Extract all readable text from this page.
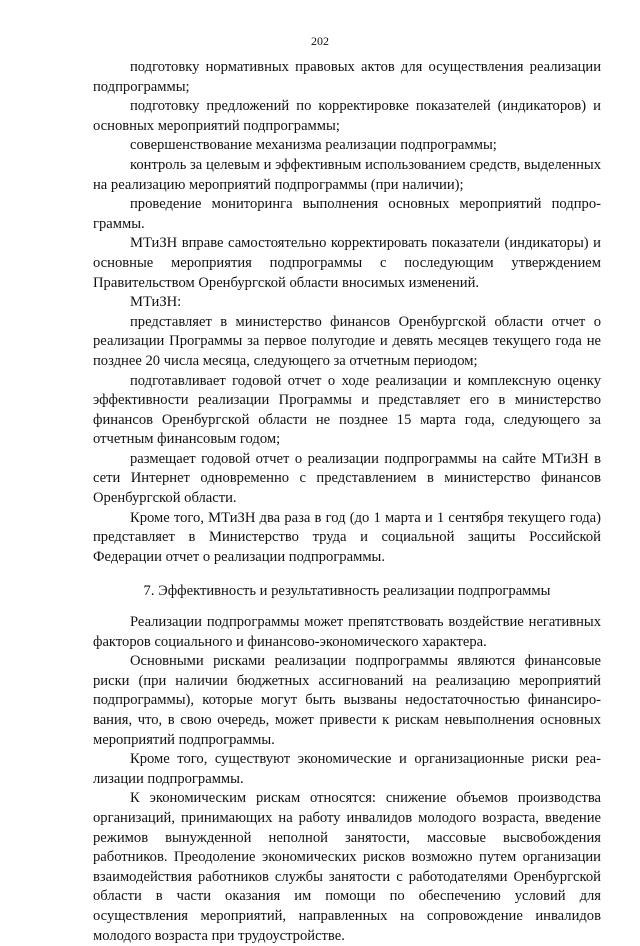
202

подготовку нормативных правовых актов для осуществления реализации подпрограммы;

подготовку предложений по корректировке показателей (индикаторов) и основных мероприятий подпрограммы;

совершенствование механизма реализации подпрограммы;

контроль за целевым и эффективным использованием средств, выделенных на реализацию мероприятий подпрограммы (при наличии);

проведение мониторинга выполнения основных мероприятий подпрограммы.

МТиЗН вправе самостоятельно корректировать показатели (индикаторы) и основные мероприятия подпрограммы с последующим утверждением Правительством Оренбургской области вносимых изменений.

МТиЗН:

представляет в министерство финансов Оренбургской области отчет о реализации Программы за первое полугодие и девять месяцев текущего года не позднее 20 числа месяца, следующего за отчетным периодом;

подготавливает годовой отчет о ходе реализации и комплексную оценку эффективности реализации Программы и представляет его в министерство финансов Оренбургской области не позднее 15 марта года, следующего за отчетным финансовым годом;

размещает годовой отчет о реализации подпрограммы на сайте МТиЗН в сети Интернет одновременно с представлением в министерство финансов Оренбургской области.

Кроме того, МТиЗН два раза в год (до 1 марта и 1 сентября текущего года) представляет в Министерство труда и социальной защиты Российской Федерации отчет о реализации подпрограммы.

7. Эффективность и результативность реализации подпрограммы

Реализации подпрограммы может препятствовать воздействие негативных факторов социального и финансово-экономического характера.

Основными рисками реализации подпрограммы являются финансовые риски (при наличии бюджетных ассигнований на реализацию мероприятий подпрограммы), которые могут быть вызваны недостаточностью финансирования, что, в свою очередь, может привести к рискам невыполнения основных мероприятий подпрограммы.

Кроме того, существуют экономические и организационные риски реализации подпрограммы.

К экономическим рискам относятся: снижение объемов производства организаций, принимающих на работу инвалидов молодого возраста, введение режимов вынужденной неполной занятости, массовые высвобождения работников. Преодоление экономических рисков возможно путем организации взаимодействия работников службы занятости с работодателями Оренбургской области в части оказания им помощи по обеспечению условий для осуществления мероприятий, направленных на сопровождение инвалидов молодого возраста при трудоустройстве.
